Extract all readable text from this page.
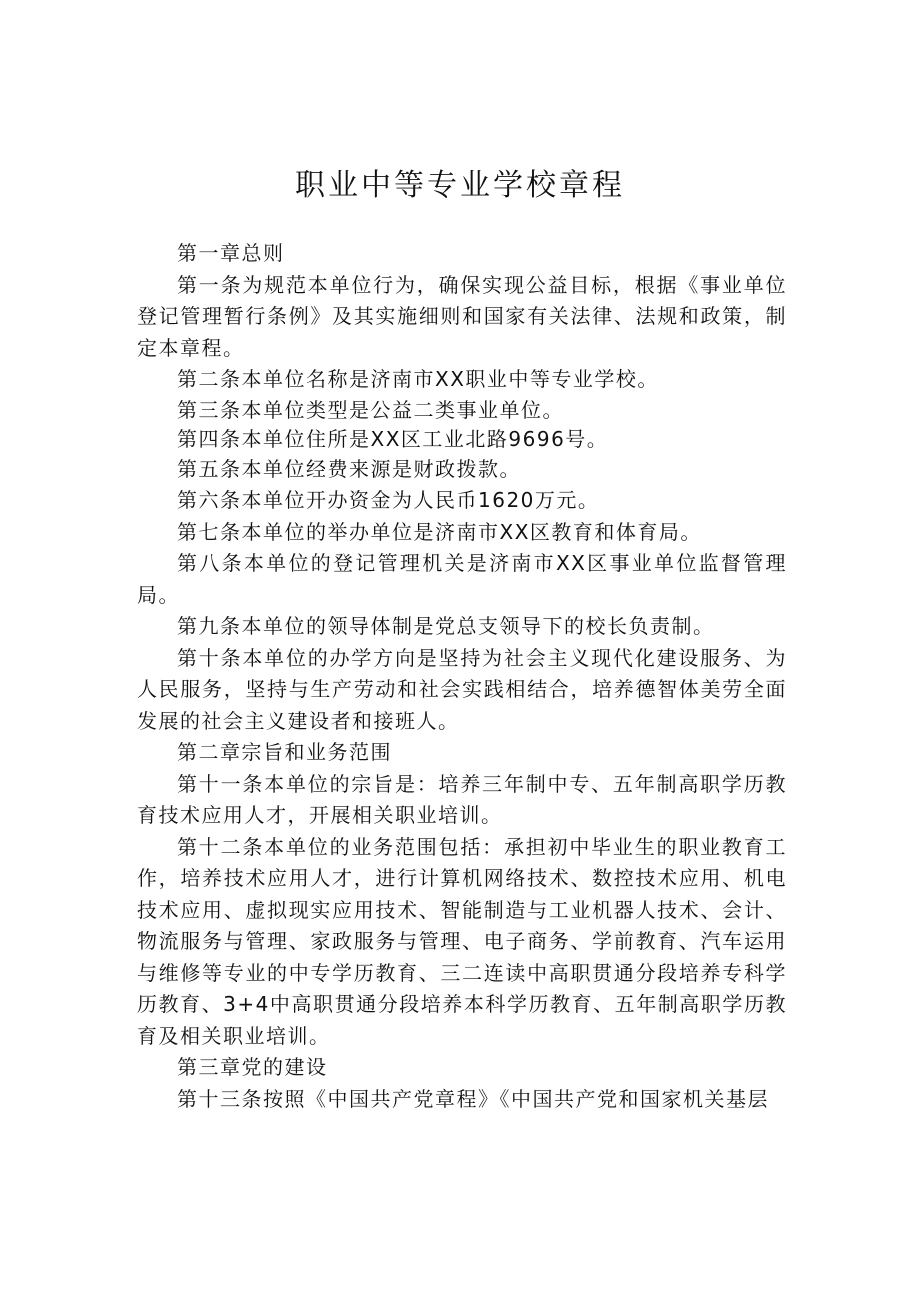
职业中等专业学校章程

第一章总则

第一条为规范本单位行为，确保实现公益目标，根据《事业单位登记管理暂行条例》及其实施细则和国家有关法律、法规和政策，制定本章程。

第二条本单位名称是济南市XX职业中等专业学校。

第三条本单位类型是公益二类事业单位。

第四条本单位住所是XX区工业北路9696号。

第五条本单位经费来源是财政拨款。

第六条本单位开办资金为人民币1620万元。

第七条本单位的举办单位是济南市XX区教育和体育局。

第八条本单位的登记管理机关是济南市XX区事业单位监督管理局。

第九条本单位的领导体制是党总支领导下的校长负责制。

第十条本单位的办学方向是坚持为社会主义现代化建设服务、为人民服务，坚持与生产劳动和社会实践相结合，培养德智体美劳全面发展的社会主义建设者和接班人。

第二章宗旨和业务范围

第十一条本单位的宗旨是：培养三年制中专、五年制高职学历教育技术应用人才，开展相关职业培训。

第十二条本单位的业务范围包括：承担初中毕业生的职业教育工作，培养技术应用人才，进行计算机网络技术、数控技术应用、机电技术应用、虚拟现实应用技术、智能制造与工业机器人技术、会计、物流服务与管理、家政服务与管理、电子商务、学前教育、汽车运用与维修等专业的中专学历教育、三二连读中高职贯通分段培养专科学历教育、3+4中高职贯通分段培养本科学历教育、五年制高职学历教育及相关职业培训。

第三章党的建设

第十三条按照《中国共产党章程》《中国共产党和国家机关基层
